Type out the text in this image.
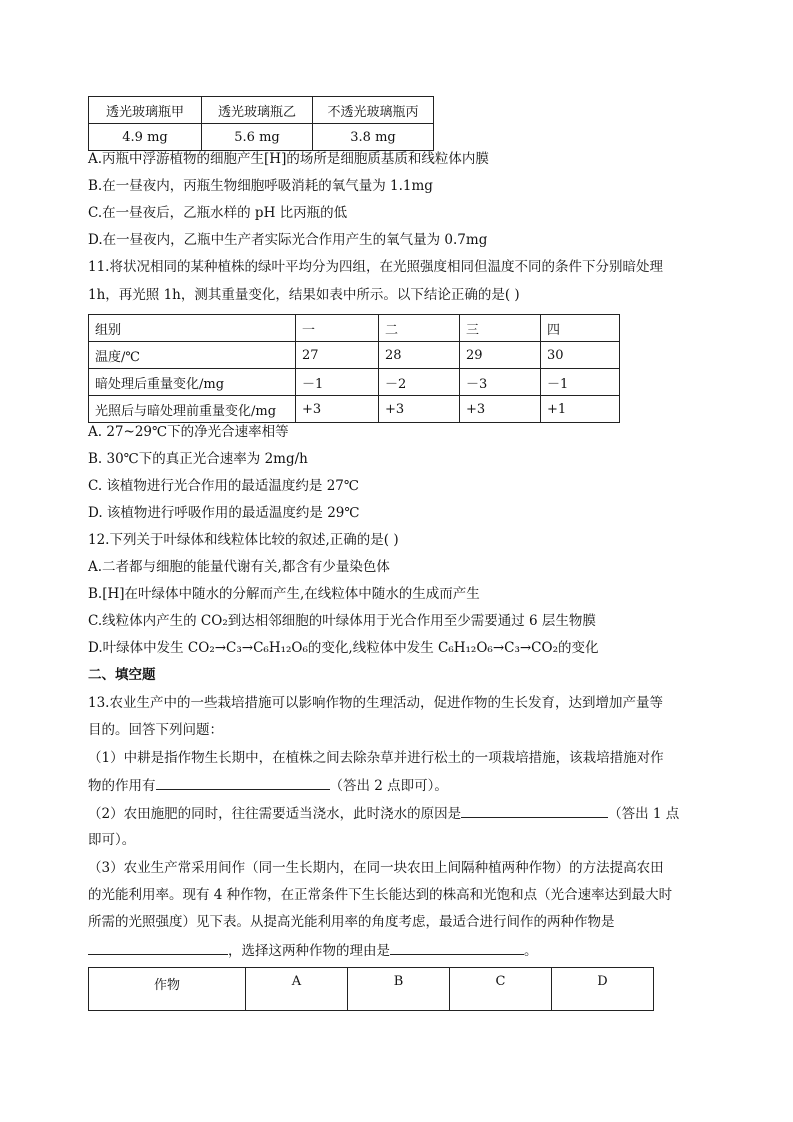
透光玻璃瓶甲	透光玻璃瓶乙	不透光玻璃瓶丙
4.9 mg	5.6 mg	3.8 mg
A.丙瓶中浮游植物的细胞产生[H]的场所是细胞质基质和线粒体内膜
B.在一昼夜内，丙瓶生物细胞呼吸消耗的氧气量为 1.1mg
C.在一昼夜后，乙瓶水样的 pH 比丙瓶的低
D.在一昼夜内，乙瓶中生产者实际光合作用产生的氧气量为 0.7mg
11.将状况相同的某种植株的绿叶平均分为四组，在光照强度相同但温度不同的条件下分别暗处理
1h，再光照 1h，测其重量变化，结果如表中所示。以下结论正确的是( )
组别	一	二	三	四
温度/℃	27	28	29	30
暗处理后重量变化/mg	－1	－2	－3	－1
光照后与暗处理前重量变化/mg	+3	+3	+3	+1
A. 27~29℃下的净光合速率相等
B. 30℃下的真正光合速率为 2mg/h
C. 该植物进行光合作用的最适温度约是 27℃
D. 该植物进行呼吸作用的最适温度约是 29℃
12.下列关于叶绿体和线粒体比较的叙述,正确的是( )
A.二者都与细胞的能量代谢有关,都含有少量染色体
B.[H]在叶绿体中随水的分解而产生,在线粒体中随水的生成而产生
C.线粒体内产生的 CO₂到达相邻细胞的叶绿体用于光合作用至少需要通过 6 层生物膜
D.叶绿体中发生 CO₂→C₃→C₆H₁₂O₆的变化,线粒体中发生 C₆H₁₂O₆→C₃→CO₂的变化
二、填空题
13.农业生产中的一些栽培措施可以影响作物的生理活动，促进作物的生长发育，达到增加产量等
目的。回答下列问题：
（1）中耕是指作物生长期中，在植株之间去除杂草并进行松土的一项栽培措施，该栽培措施对作
物的作用有	（答出 2 点即可）。
（2）农田施肥的同时，往往需要适当浇水，此时浇水的原因是	（答出 1 点
即可）。
（3）农业生产常采用间作（同一生长期内，在同一块农田上间隔种植两种作物）的方法提高农田
的光能利用率。现有 4 种作物，在正常条件下生长能达到的株高和光饱和点（光合速率达到最大时
所需的光照强度）见下表。从提高光能利用率的角度考虑，最适合进行间作的两种作物是
，选择这两种作物的理由是	。
作物	A	B	C	D
